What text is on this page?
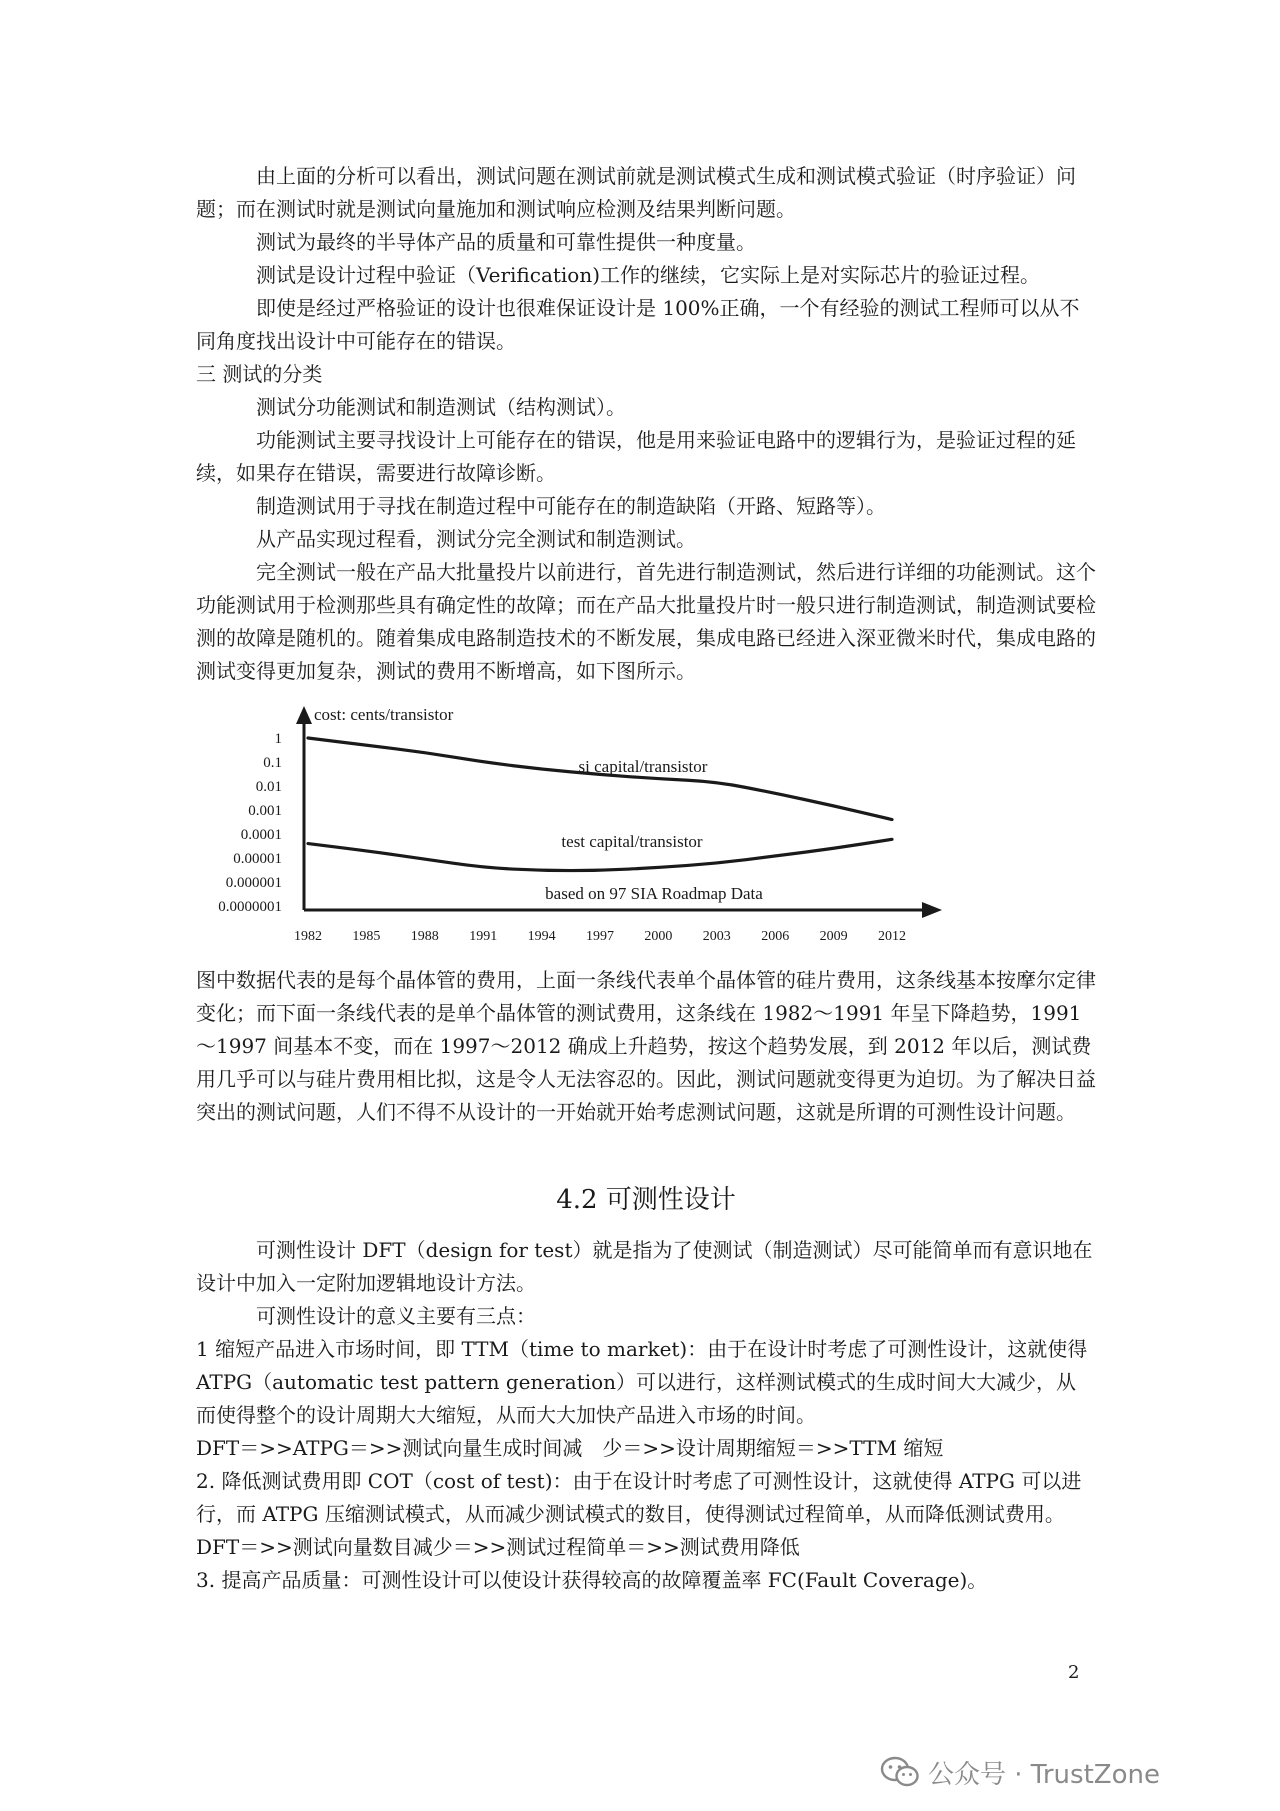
由上面的分析可以看出，测试问题在测试前就是测试模式生成和测试模式验证（时序验证）问题；而在测试时就是测试向量施加和测试响应检测及结果判断问题。

测试为最终的半导体产品的质量和可靠性提供一种度量。

测试是设计过程中验证（Verification)工作的继续，它实际上是对实际芯片的验证过程。

即使是经过严格验证的设计也很难保证设计是 100%正确，一个有经验的测试工程师可以从不同角度找出设计中可能存在的错误。

三 测试的分类

测试分功能测试和制造测试（结构测试）。

功能测试主要寻找设计上可能存在的错误，他是用来验证电路中的逻辑行为，是验证过程的延续，如果存在错误，需要进行故障诊断。

制造测试用于寻找在制造过程中可能存在的制造缺陷（开路、短路等）。

从产品实现过程看，测试分完全测试和制造测试。

完全测试一般在产品大批量投片以前进行，首先进行制造测试，然后进行详细的功能测试。这个功能测试用于检测那些具有确定性的故障；而在产品大批量投片时一般只进行制造测试，制造测试要检测的故障是随机的。随着集成电路制造技术的不断发展，集成电路已经进入深亚微米时代，集成电路的测试变得更加复杂，测试的费用不断增高，如下图所示。

cost: cents/transistor
1
0.1
0.01
0.001
0.0001
0.00001
0.000001
0.0000001
1982 1985 1988 1991 1994 1997 2000 2003 2006 2009 2012
si capital/transistor
test capital/transistor
based on 97 SIA Roadmap Data

图中数据代表的是每个晶体管的费用，上面一条线代表单个晶体管的硅片费用，这条线基本按摩尔定律变化；而下面一条线代表的是单个晶体管的测试费用，这条线在 1982～1991 年呈下降趋势，1991～1997 间基本不变，而在 1997～2012 确成上升趋势，按这个趋势发展，到 2012 年以后，测试费用几乎可以与硅片费用相比拟，这是令人无法容忍的。因此，测试问题就变得更为迫切。为了解决日益突出的测试问题，人们不得不从设计的一开始就开始考虑测试问题，这就是所谓的可测性设计问题。

4.2 可测性设计

可测性设计 DFT（design for test）就是指为了使测试（制造测试）尽可能简单而有意识地在设计中加入一定附加逻辑地设计方法。

可测性设计的意义主要有三点：

1 缩短产品进入市场时间，即 TTM（time to market)：由于在设计时考虑了可测性设计，这就使得 ATPG（automatic test pattern generation）可以进行，这样测试模式的生成时间大大减少，从而使得整个的设计周期大大缩短，从而大大加快产品进入市场的时间。

DFT＝>>ATPG＝>>测试向量生成时间减　少＝>>设计周期缩短＝>>TTM 缩短

2. 降低测试费用即 COT（cost of test)：由于在设计时考虑了可测性设计，这就使得 ATPG 可以进行，而 ATPG 压缩测试模式，从而减少测试模式的数目，使得测试过程简单，从而降低测试费用。

DFT＝>>测试向量数目减少＝>>测试过程简单＝>>测试费用降低

3. 提高产品质量：可测性设计可以使设计获得较高的故障覆盖率 FC(Fault Coverage)。

2
公众号 · TrustZone
